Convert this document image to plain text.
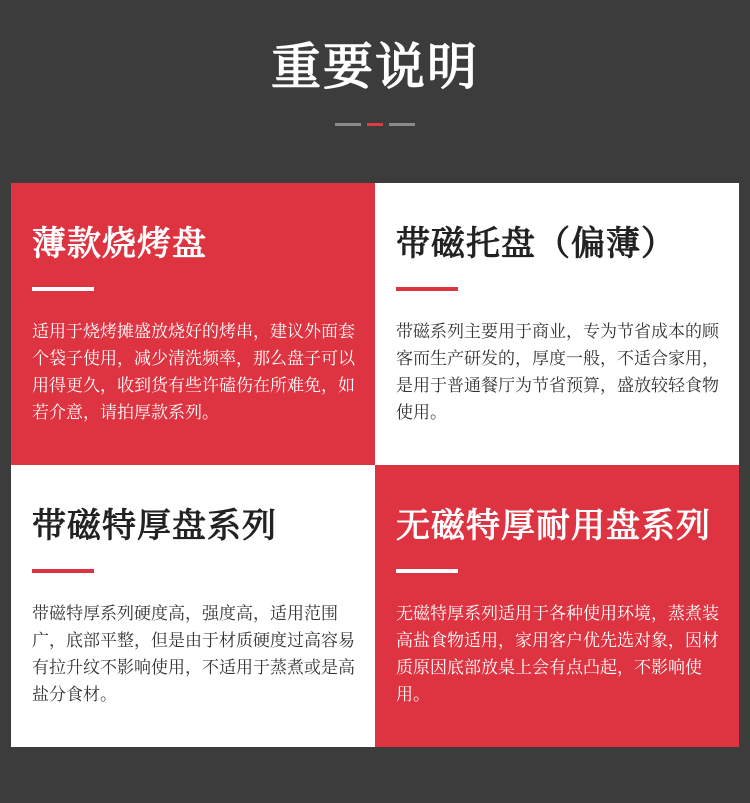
重要说明
薄款烧烤盘

适用于烧烤摊盛放烧好的烤串，建议外面套个袋子使用，减少清洗频率，那么盘子可以用得更久，收到货有些许磕伤在所难免，如若介意，请拍厚款系列。

带磁托盘（偏薄）

带磁系列主要用于商业，专为节省成本的顾客而生产研发的，厚度一般，不适合家用，是用于普通餐厅为节省预算，盛放较轻食物使用。

带磁特厚盘系列

带磁特厚系列硬度高，强度高，适用范围广，底部平整，但是由于材质硬度过高容易有拉升纹不影响使用，不适用于蒸煮或是高盐分食材。

无磁特厚耐用盘系列

无磁特厚系列适用于各种使用环境，蒸煮装高盐食物适用，家用客户优先选对象，因材质原因底部放桌上会有点凸起，不影响使用。
